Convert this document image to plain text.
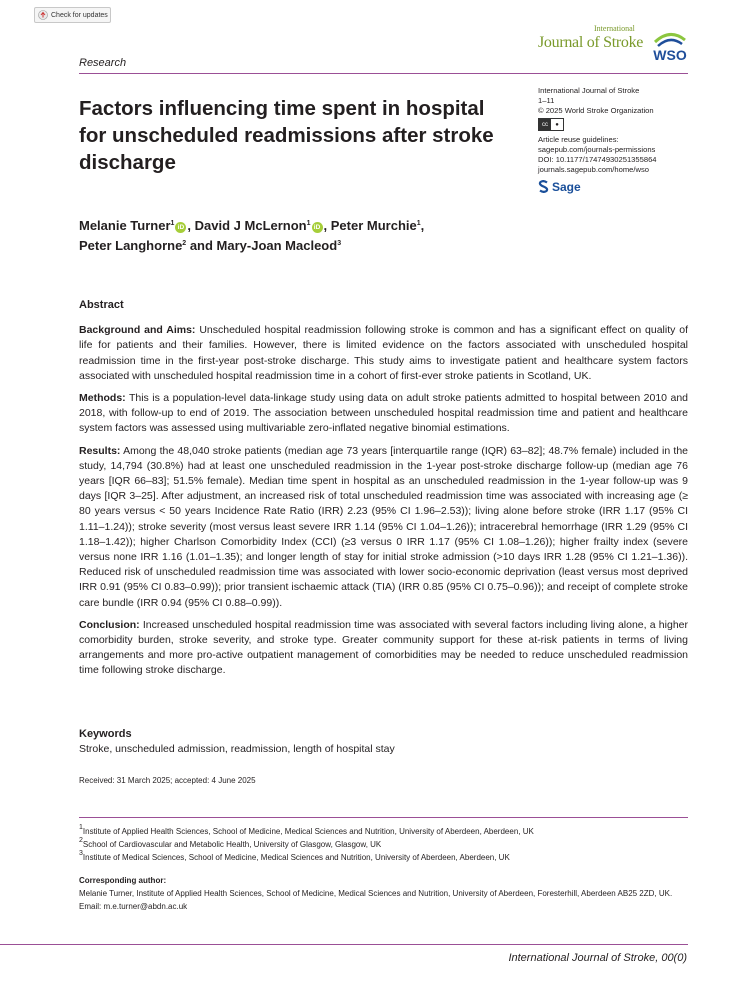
Check for updates
Research
International
Journal of Stroke
WSO
International Journal of Stroke
1–11
© 2025 World Stroke Organization
cc	●
Article reuse guidelines:
sagepub.com/journals-permissions
DOI: 10.1177/17474930251355864
journals.sagepub.com/home/wso
Sage
Factors influencing time spent in hospital for unscheduled readmissions after stroke discharge
Melanie Turner$^1$iD , David J McLernon$^1$iD , Peter Murchie$^1$,
Peter Langhorne$^2$ and Mary-Joan Macleod$^3$
Abstract

Background and Aims: Unscheduled hospital readmission following stroke is common and has a significant effect on quality of life for patients and their families. However, there is limited evidence on the factors associated with unscheduled hospital readmission time in the first-year post-stroke discharge. This study aims to investigate patient and healthcare system factors associated with unscheduled hospital readmission time in a cohort of first-ever stroke patients in Scotland, UK.

Methods: This is a population-level data-linkage study using data on adult stroke patients admitted to hospital between 2010 and 2018, with follow-up to end of 2019. The association between unscheduled hospital readmission time and patient and healthcare system factors was assessed using multivariable zero-inflated negative binomial estimations.

Results: Among the 48,040 stroke patients (median age 73 years [interquartile range (IQR) 63–82]; 48.7% female) included in the study, 14,794 (30.8%) had at least one unscheduled readmission in the 1-year post-stroke discharge follow-up (median age 76 years [IQR 66–83]; 51.5% female). Median time spent in hospital as an unscheduled readmission in the 1-year follow-up was 9 days [IQR 3–25]. After adjustment, an increased risk of total unscheduled readmission time was associated with increasing age (≥ 80 years versus < 50 years Incidence Rate Ratio (IRR) 2.23 (95% CI 1.96–2.53)); living alone before stroke (IRR 1.17 (95% CI 1.11–1.24)); stroke severity (most versus least severe IRR 1.14 (95% CI 1.04–1.26)); intracerebral hemorrhage (IRR 1.29 (95% CI 1.18–1.42)); higher Charlson Comorbidity Index (CCI) (≥3 versus 0 IRR 1.17 (95% CI 1.08–1.26)); higher frailty index (severe versus none IRR 1.16 (1.01–1.35); and longer length of stay for initial stroke admission (>10 days IRR 1.28 (95% CI 1.21–1.36)). Reduced risk of unscheduled readmission time was associated with lower socio-economic deprivation (least versus most deprived IRR 0.91 (95% CI 0.83–0.99)); prior transient ischaemic attack (TIA) (IRR 0.85 (95% CI 0.75–0.96)); and receipt of complete stroke care bundle (IRR 0.94 (95% CI 0.88–0.99)).

Conclusion: Increased unscheduled hospital readmission time was associated with several factors including living alone, a higher comorbidity burden, stroke severity, and stroke type. Greater community support for these at-risk patients in terms of living arrangements and more pro-active outpatient management of comorbidities may be needed to reduce unscheduled readmission time following stroke discharge.

Keywords
Stroke, unscheduled admission, readmission, length of hospital stay
Received: 31 March 2025; accepted: 4 June 2025
$^1$Institute of Applied Health Sciences, School of Medicine, Medical Sciences and Nutrition, University of Aberdeen, Aberdeen, UK
$^2$School of Cardiovascular and Metabolic Health, University of Glasgow, Glasgow, UK
$^3$Institute of Medical Sciences, School of Medicine, Medical Sciences and Nutrition, University of Aberdeen, Aberdeen, UK
Corresponding author:
Melanie Turner, Institute of Applied Health Sciences, School of Medicine, Medical Sciences and Nutrition, University of Aberdeen, Foresterhill, Aberdeen AB25 2ZD, UK.
Email: m.e.turner@abdn.ac.uk
International Journal of Stroke, 00(0)
